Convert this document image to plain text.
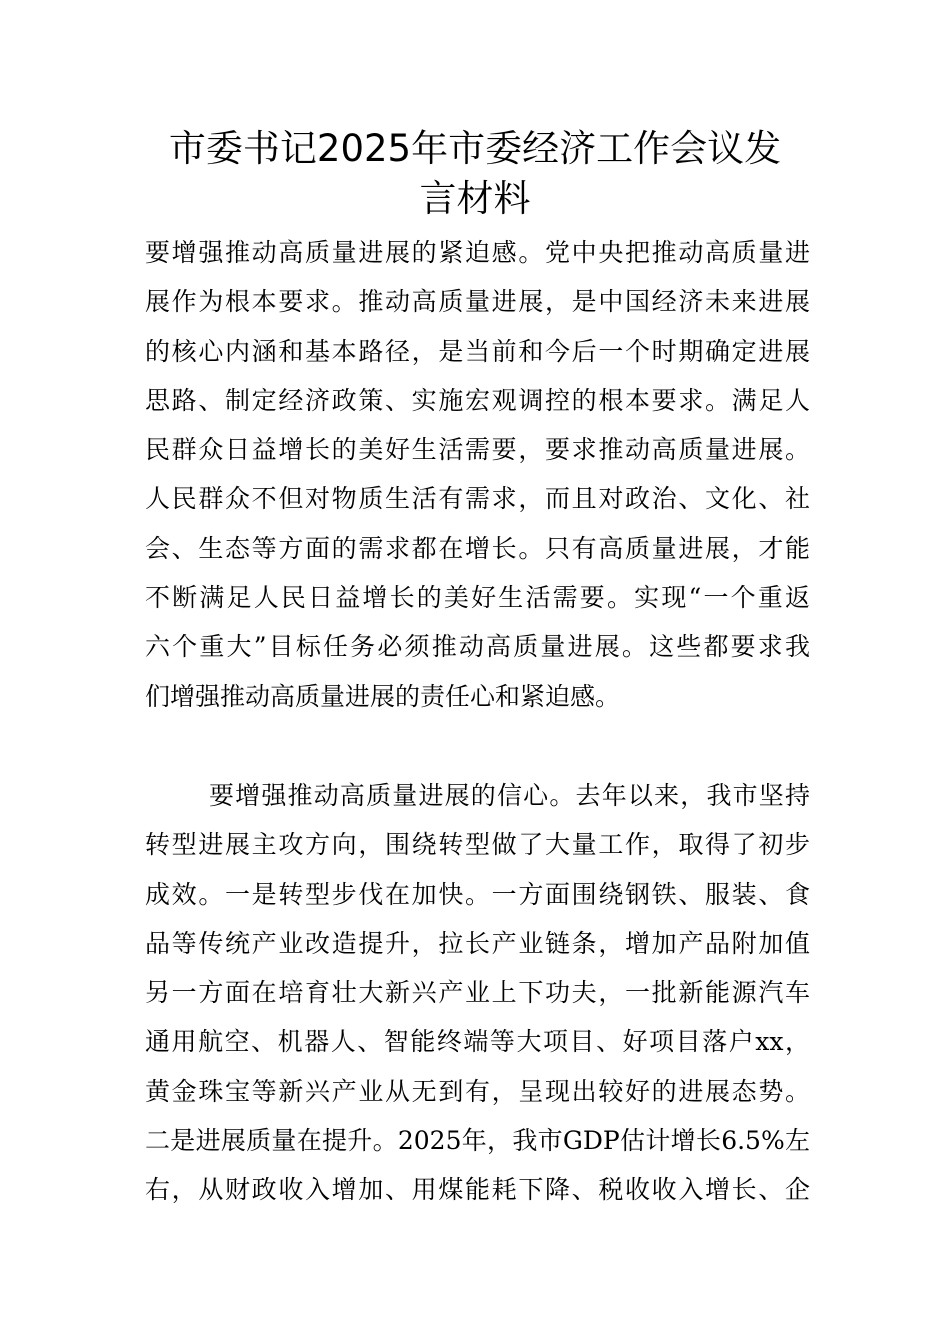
市委书记2025年市委经济工作会议发
言材料
要增强推动高质量进展的紧迫感。党中央把推动高质量进
展作为根本要求。推动高质量进展，是中国经济未来进展
的核心内涵和基本路径，是当前和今后一个时期确定进展
思路、制定经济政策、实施宏观调控的根本要求。满足人
民群众日益增长的美好生活需要，要求推动高质量进展。
人民群众不但对物质生活有需求，而且对政治、文化、社
会、生态等方面的需求都在增长。只有高质量进展，才能
不断满足人民日益增长的美好生活需要。实现“一个重返
六个重大”目标任务必须推动高质量进展。这些都要求我
们增强推动高质量进展的责任心和紧迫感。
要增强推动高质量进展的信心。去年以来，我市坚持
转型进展主攻方向，围绕转型做了大量工作，取得了初步
成效。一是转型步伐在加快。一方面围绕钢铁、服装、食
品等传统产业改造提升，拉长产业链条，增加产品附加值
另一方面在培育壮大新兴产业上下功夫，一批新能源汽车
通用航空、机器人、智能终端等大项目、好项目落户xx，
黄金珠宝等新兴产业从无到有，呈现出较好的进展态势。
二是进展质量在提升。2025年，我市GDP估计增长6.5%左
右，从财政收入增加、用煤能耗下降、税收收入增长、企
